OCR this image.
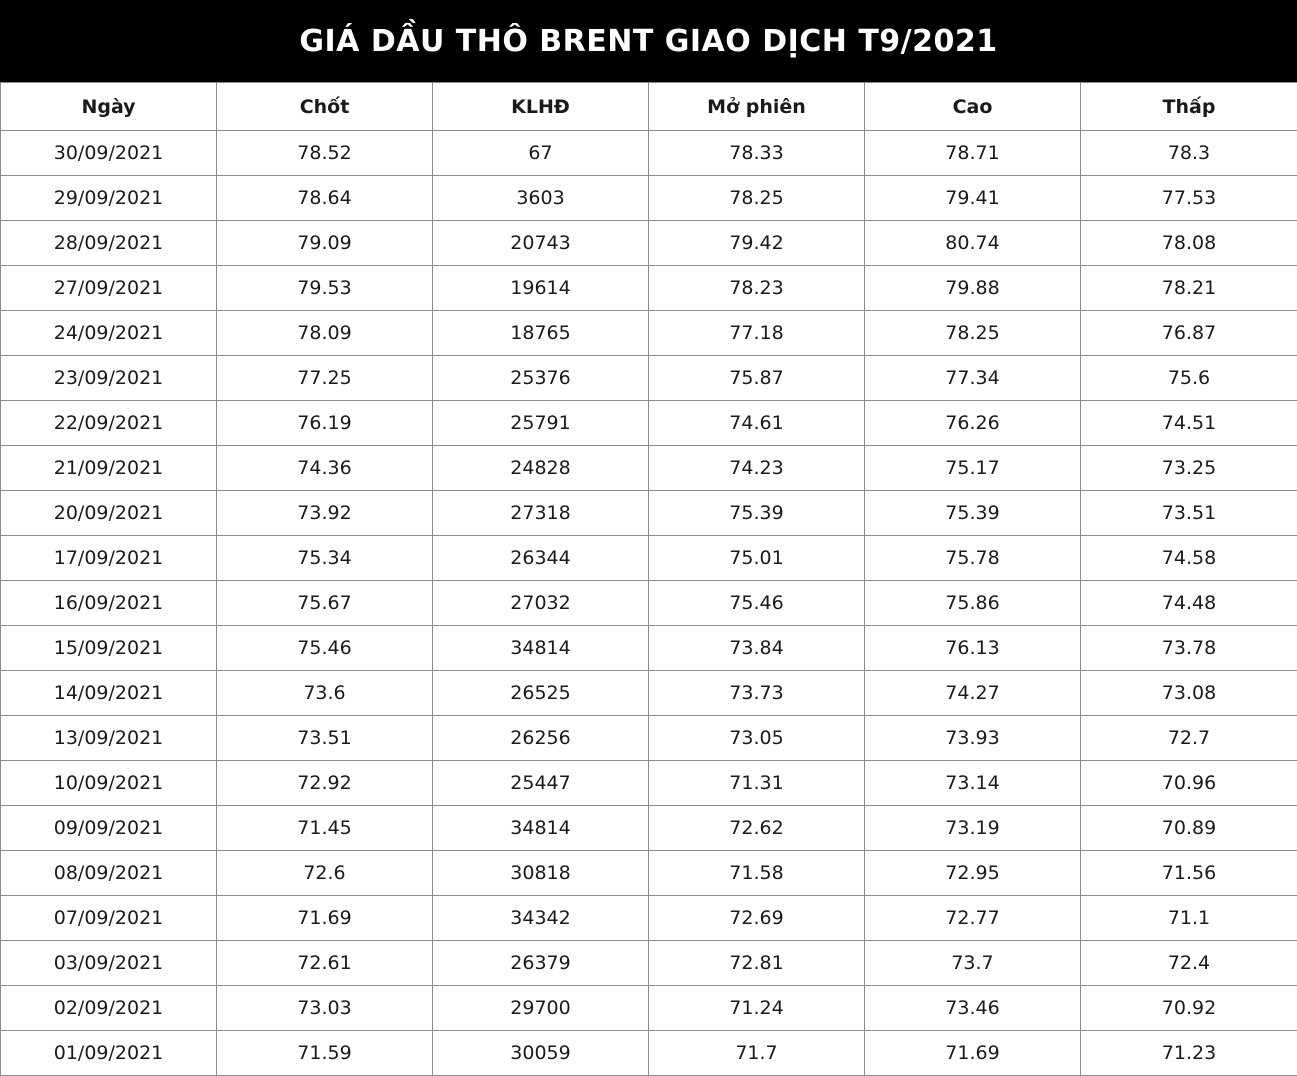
GIÁ DẦU THÔ BRENT GIAO DỊCH T9/2021
Ngày	Chốt	KLHĐ	Mở phiên	Cao	Thấp
30/09/2021	78.52	67	78.33	78.71	78.3
29/09/2021	78.64	3603	78.25	79.41	77.53
28/09/2021	79.09	20743	79.42	80.74	78.08
27/09/2021	79.53	19614	78.23	79.88	78.21
24/09/2021	78.09	18765	77.18	78.25	76.87
23/09/2021	77.25	25376	75.87	77.34	75.6
22/09/2021	76.19	25791	74.61	76.26	74.51
21/09/2021	74.36	24828	74.23	75.17	73.25
20/09/2021	73.92	27318	75.39	75.39	73.51
17/09/2021	75.34	26344	75.01	75.78	74.58
16/09/2021	75.67	27032	75.46	75.86	74.48
15/09/2021	75.46	34814	73.84	76.13	73.78
14/09/2021	73.6	26525	73.73	74.27	73.08
13/09/2021	73.51	26256	73.05	73.93	72.7
10/09/2021	72.92	25447	71.31	73.14	70.96
09/09/2021	71.45	34814	72.62	73.19	70.89
08/09/2021	72.6	30818	71.58	72.95	71.56
07/09/2021	71.69	34342	72.69	72.77	71.1
03/09/2021	72.61	26379	72.81	73.7	72.4
02/09/2021	73.03	29700	71.24	73.46	70.92
01/09/2021	71.59	30059	71.7	71.69	71.23
